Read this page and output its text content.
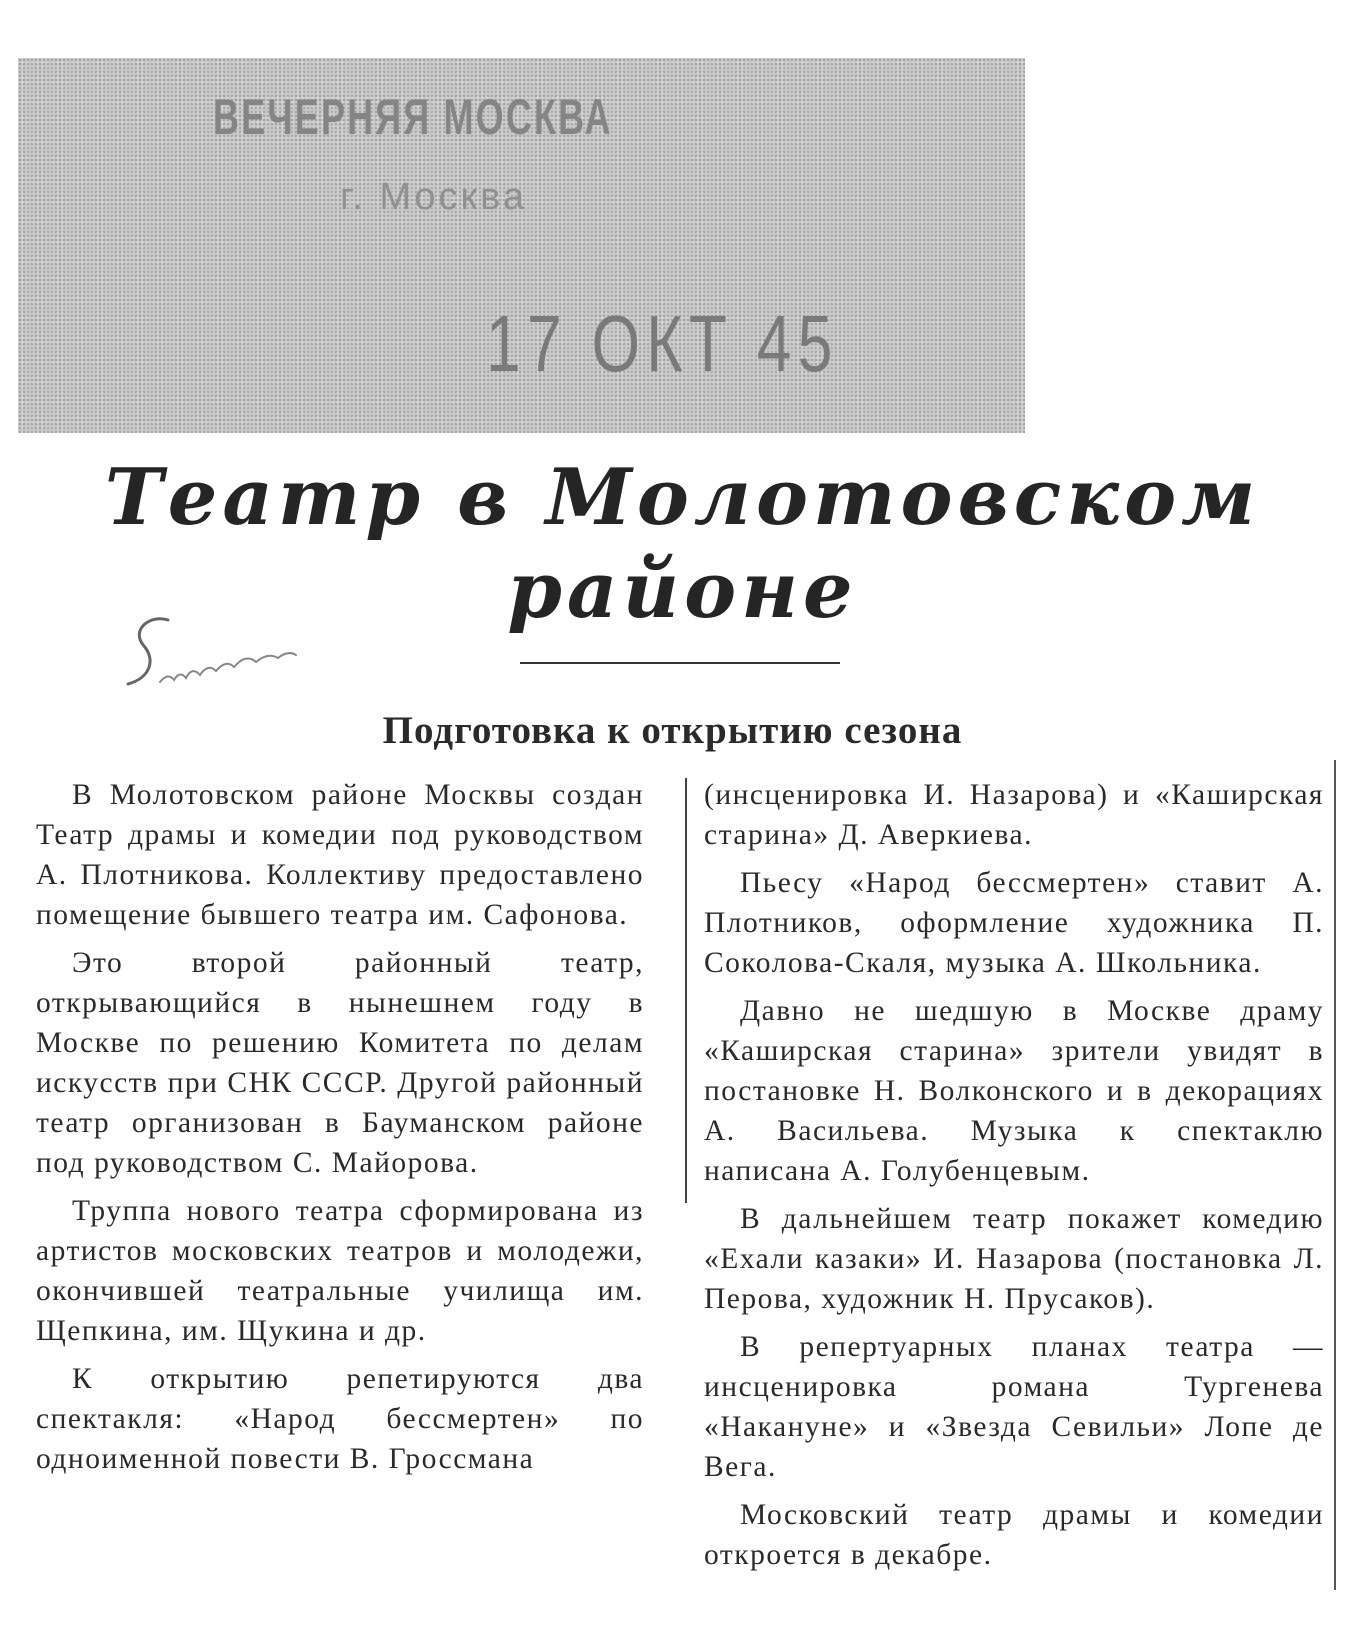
ВЕЧЕРНЯЯ МОСКВА
г. Москва
17 ОКТ 45
Театр в Молотовском
районе
Подготовка к открытию сезона

В Молотовском районе Москвы создан Театр драмы и комедии под руководством А. Плотникова. Коллективу предоставлено помещение бывшего театра им. Сафонова.

Это второй районный театр, открывающийся в нынешнем году в Москве по решению Комитета по делам искусств при СНК СССР. Другой районный театр организован в Бауманском районе под руководством С. Майорова.

Труппа нового театра сформирована из артистов московских театров и молодежи, окончившей театральные училища им. Щепкина, им. Щукина и др.

К открытию репетируются два спектакля: «Народ бессмертен» по одноименной повести В. Гроссмана

(инсценировка И. Назарова) и «Каширская старина» Д. Аверкиева.

Пьесу «Народ бессмертен» ставит А. Плотников, оформление художника П. Соколова-Скаля, музыка А. Школьника.

Давно не шедшую в Москве драму «Каширская старина» зрители увидят в постановке Н. Волконского и в декорациях А. Васильева. Музыка к спектаклю написана А. Голубенцевым.

В дальнейшем театр покажет комедию «Ехали казаки» И. Назарова (постановка Л. Перова, художник Н. Прусаков).

В репертуарных планах театра — инсценировка романа Тургенева «Накануне» и «Звезда Севильи» Лопе де Вега.

Московский театр драмы и комедии откроется в декабре.
